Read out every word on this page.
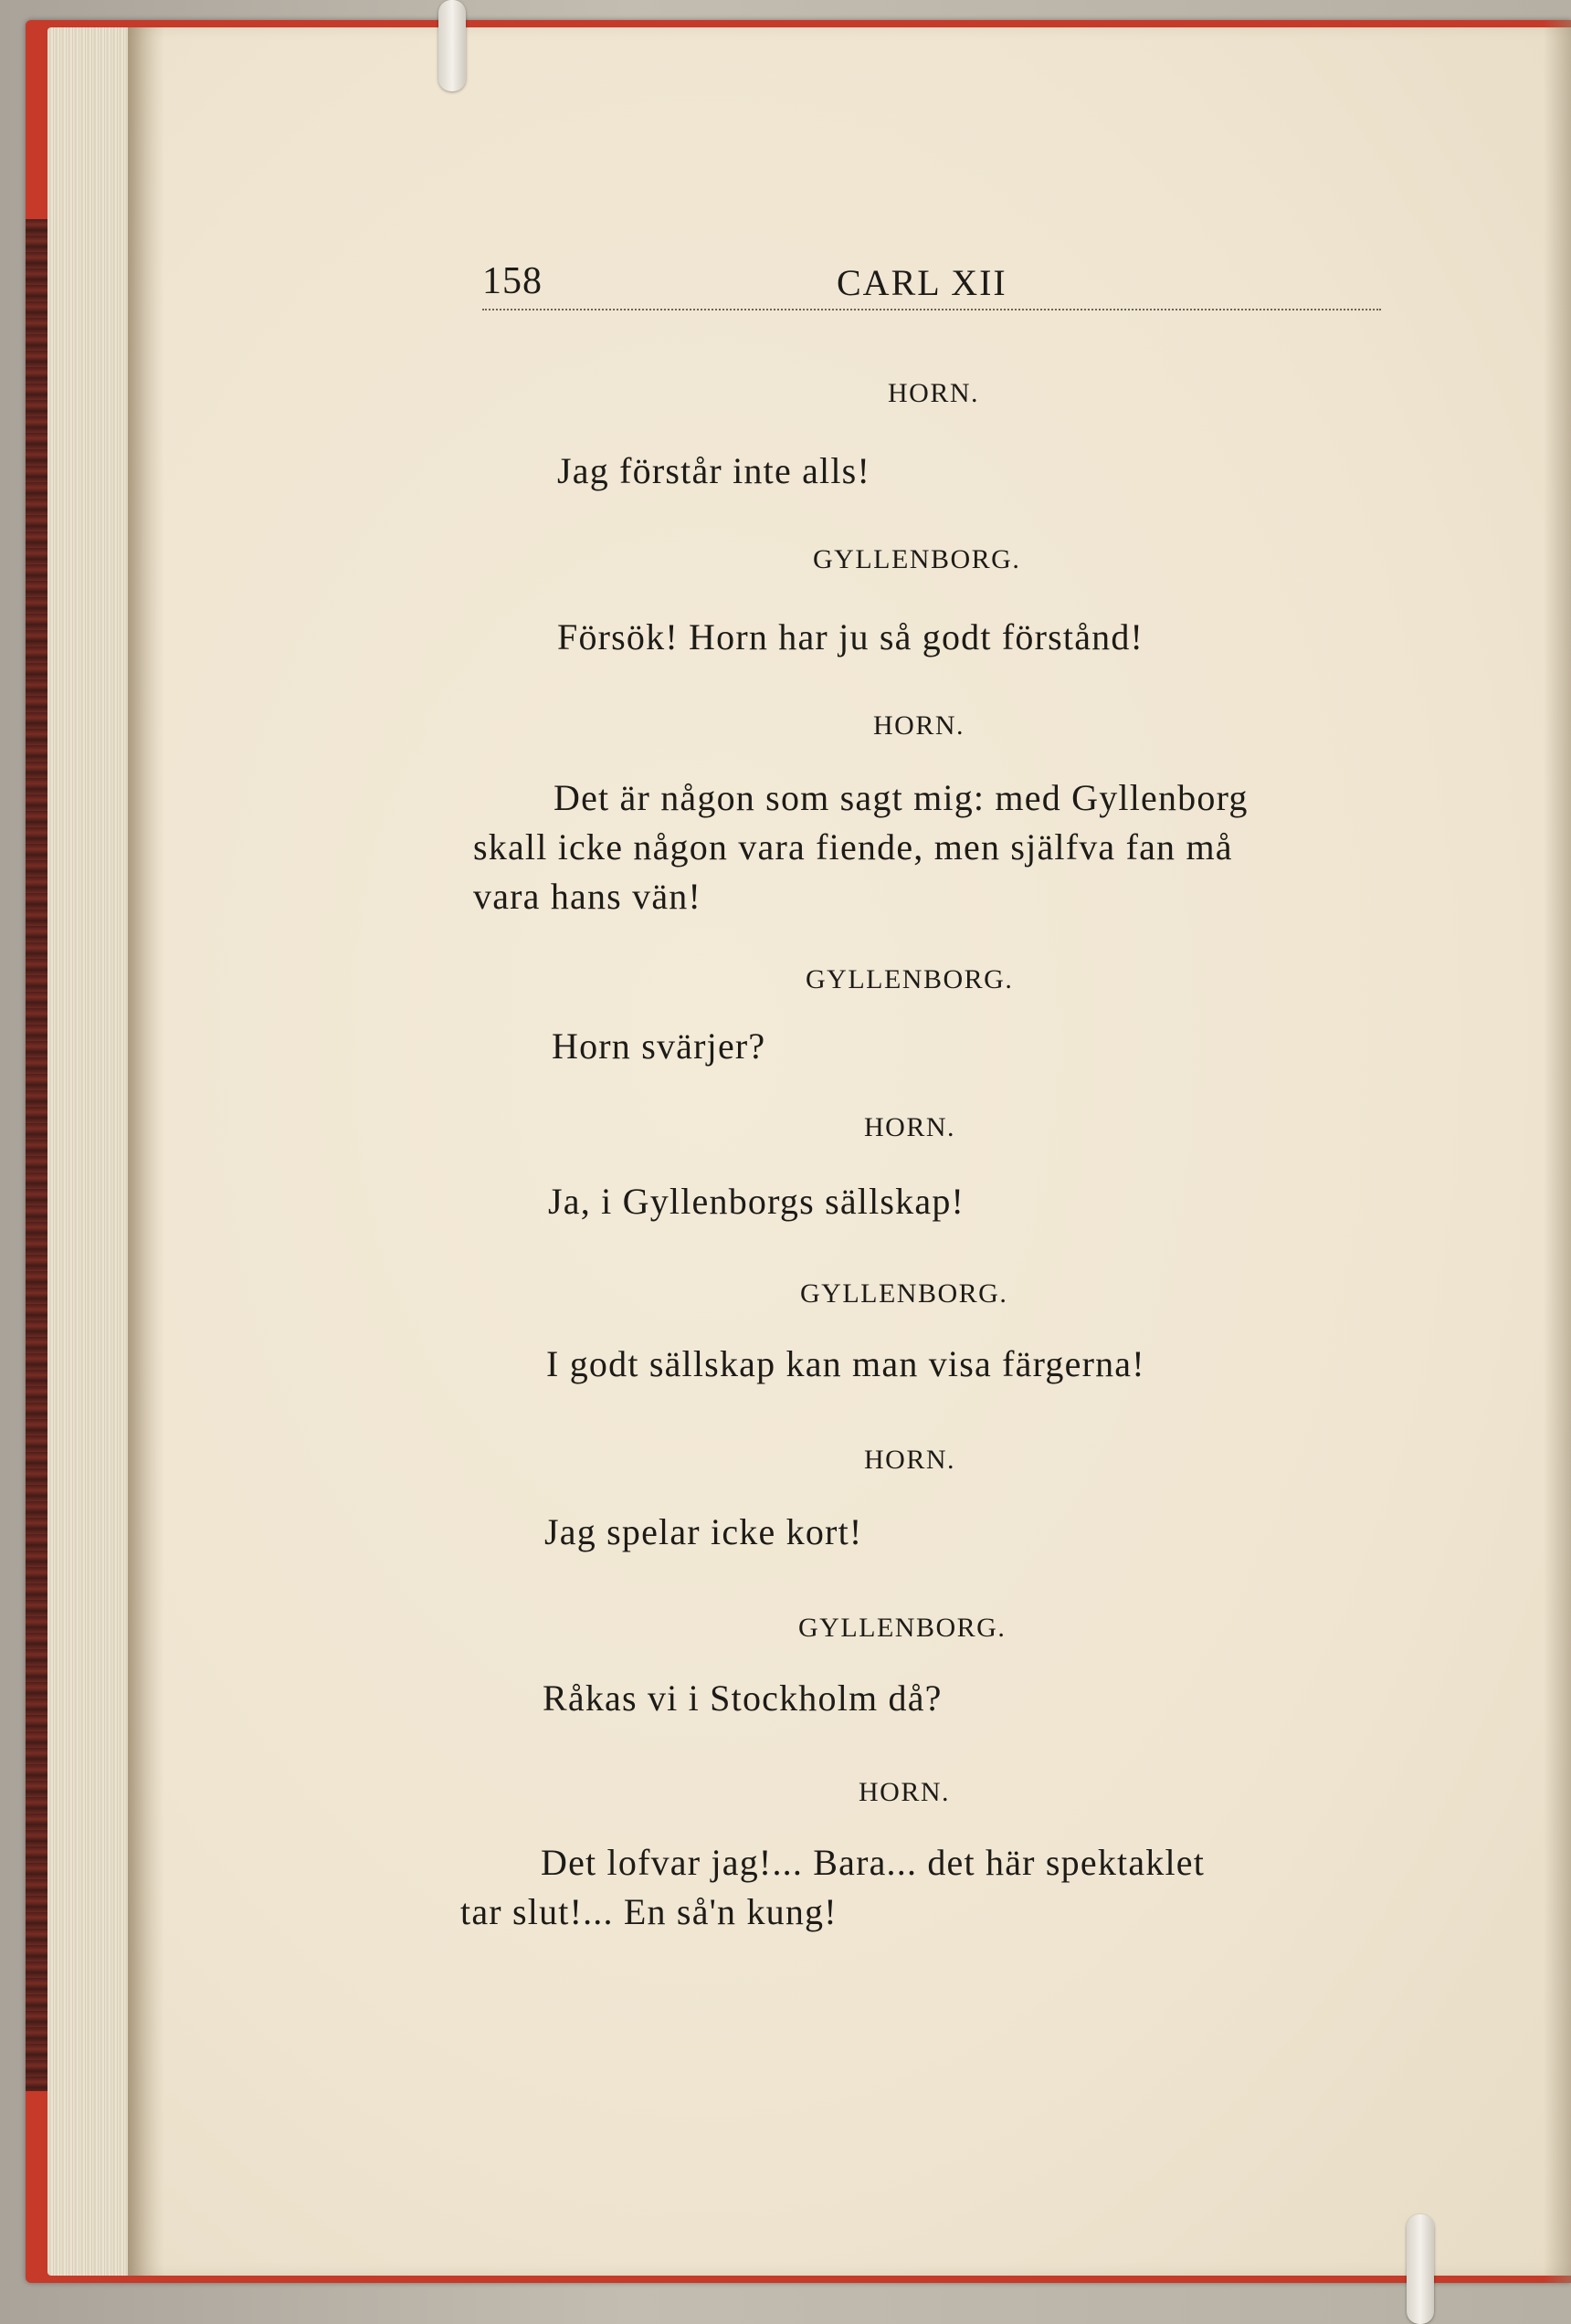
158	CARL XII
HORN.
Jag förstår inte alls!
GYLLENBORG.
Försök! Horn har ju så godt förstånd!
HORN.
Det är någon som sagt mig: med Gyllenborg
skall icke någon vara fiende, men själfva fan må
vara hans vän!
GYLLENBORG.
Horn svärjer?
HORN.
Ja, i Gyllenborgs sällskap!
GYLLENBORG.
I godt sällskap kan man visa färgerna!
HORN.
Jag spelar icke kort!
GYLLENBORG.
Råkas vi i Stockholm då?
HORN.
Det lofvar jag!... Bara... det här spektaklet
tar slut!... En så'n kung!
